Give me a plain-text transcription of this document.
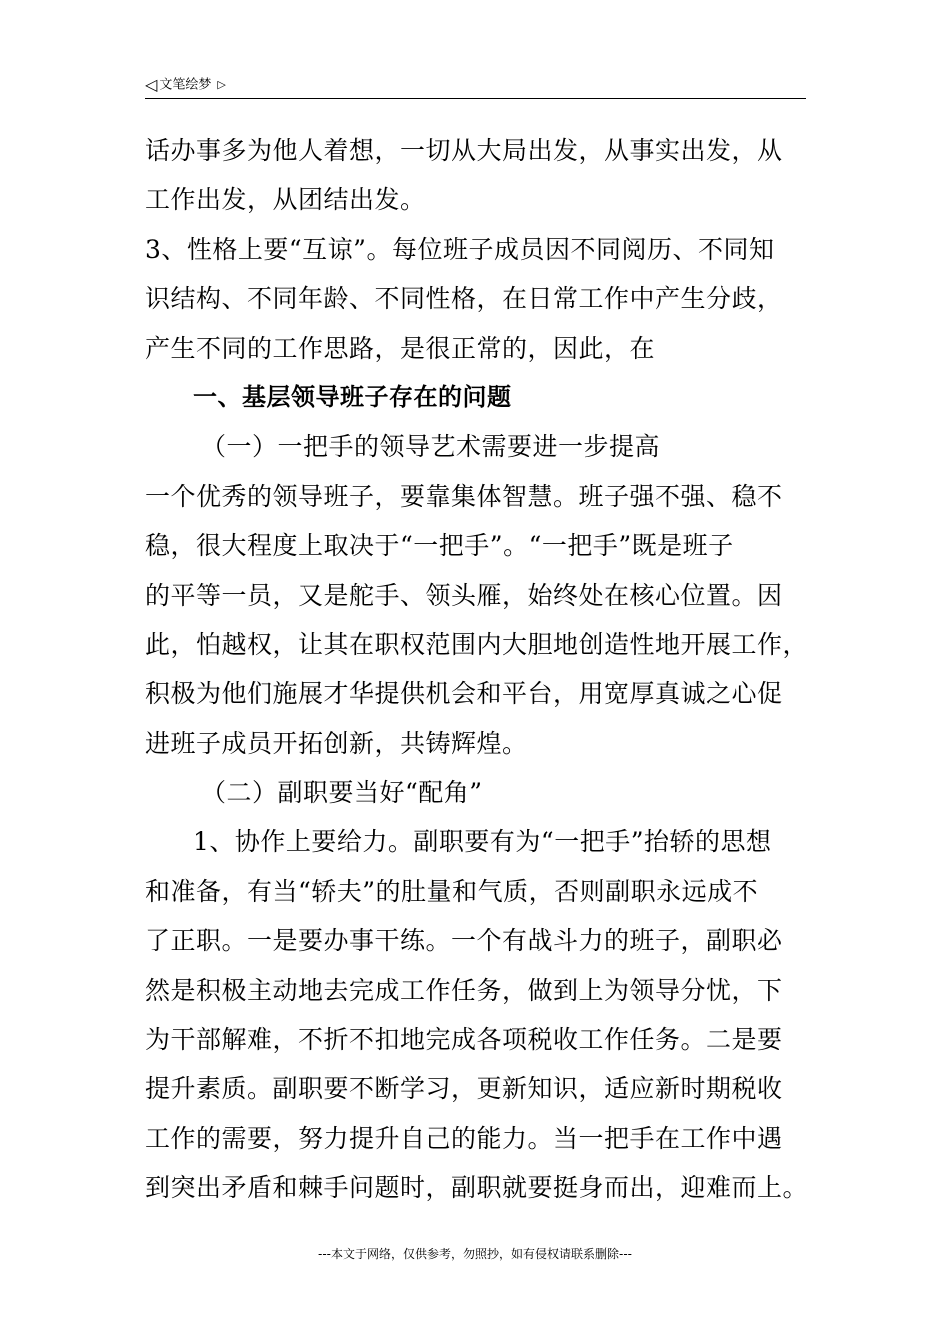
◁ 文笔绘梦 ▷
话办事多为他人着想，一切从大局出发，从事实出发，从
工作出发，从团结出发。
3、性格上要“互谅”。每位班子成员因不同阅历、不同知
识结构、不同年龄、不同性格，在日常工作中产生分歧，
产生不同的工作思路，是很正常的，因此，在
一、基层领导班子存在的问题
（一）一把手的领导艺术需要进一步提高
一个优秀的领导班子，要靠集体智慧。班子强不强、稳不
稳，很大程度上取决于“一把手”。“一把手”既是班子
的平等一员，又是舵手、领头雁，始终处在核心位置。因
此，怕越权，让其在职权范围内大胆地创造性地开展工作，
积极为他们施展才华提供机会和平台，用宽厚真诚之心促
进班子成员开拓创新，共铸辉煌。
（二）副职要当好“配角”
1、协作上要给力。副职要有为“一把手”抬轿的思想
和准备，有当“轿夫”的肚量和气质，否则副职永远成不
了正职。一是要办事干练。一个有战斗力的班子，副职必
然是积极主动地去完成工作任务，做到上为领导分忧，下
为干部解难，不折不扣地完成各项税收工作任务。二是要
提升素质。副职要不断学习，更新知识，适应新时期税收
工作的需要，努力提升自己的能力。当一把手在工作中遇
到突出矛盾和棘手问题时，副职就要挺身而出，迎难而上。
---本文于网络，仅供参考，勿照抄，如有侵权请联系删除---
